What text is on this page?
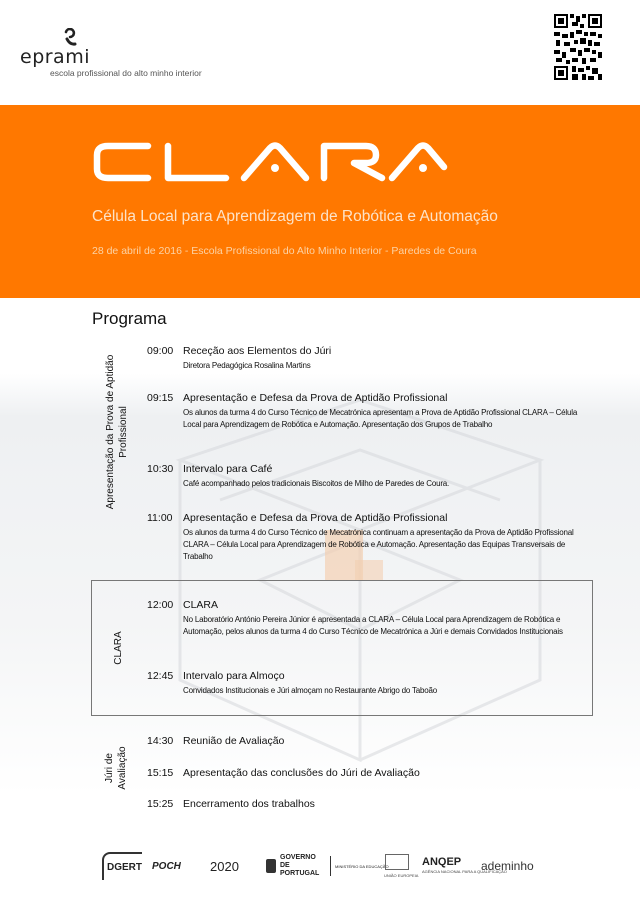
eprami
escola profissional do alto minho interior
Célula Local para Aprendizagem de Robótica e Automação
28 de abril de 2016 - Escola Profissional do Alto Minho Interior - Paredes de Coura
Programa
Apresentação da Prova de Aptidão Profissional
CLARA
Júri de Avaliação
09:00 Receção aos Elementos do Júri
Diretora Pedagógica Rosalina Martins
09:15 Apresentação e Defesa da Prova de Aptidão Profissional
Os alunos da turma 4 do Curso Técnico de Mecatrónica apresentam a Prova de Aptidão Profissional CLARA – Célula Local para Aprendizagem de Robótica e Automação. Apresentação dos Grupos de Trabalho
10:30 Intervalo para Café
Café acompanhado pelos tradicionais Biscoitos de Milho de Paredes de Coura.
11:00 Apresentação e Defesa da Prova de Aptidão Profissional
Os alunos da turma 4 do Curso Técnico de Mecatrónica continuam a apresentação da Prova de Aptidão Profissional CLARA – Célula Local para Aprendizagem de Robótica e Automação. Apresentação das Equipas Transversais de Trabalho
12:00 CLARA
No Laboratório António Pereira Júnior é apresentada a CLARA – Célula Local para Aprendizagem de Robótica e Automação, pelos alunos da turma 4 do Curso Técnico de Mecatrónica a Júri e demais Convidados Institucionais
12:45 Intervalo para Almoço
Convidados Institucionais e Júri almoçam no Restaurante Abrigo do Taboão
14:30 Reunião de Avaliação
15:15 Apresentação das conclusões do Júri de Avaliação
15:25 Encerramento dos trabalhos
DGERT POCH 2020
GOVERNO DE PORTUGAL
MINISTÉRIO DA EDUCAÇÃO
UNIÃO EUROPEIA
ANQEP
AGÊNCIA NACIONAL PARA A QUALIFICAÇÃO
ademinho
